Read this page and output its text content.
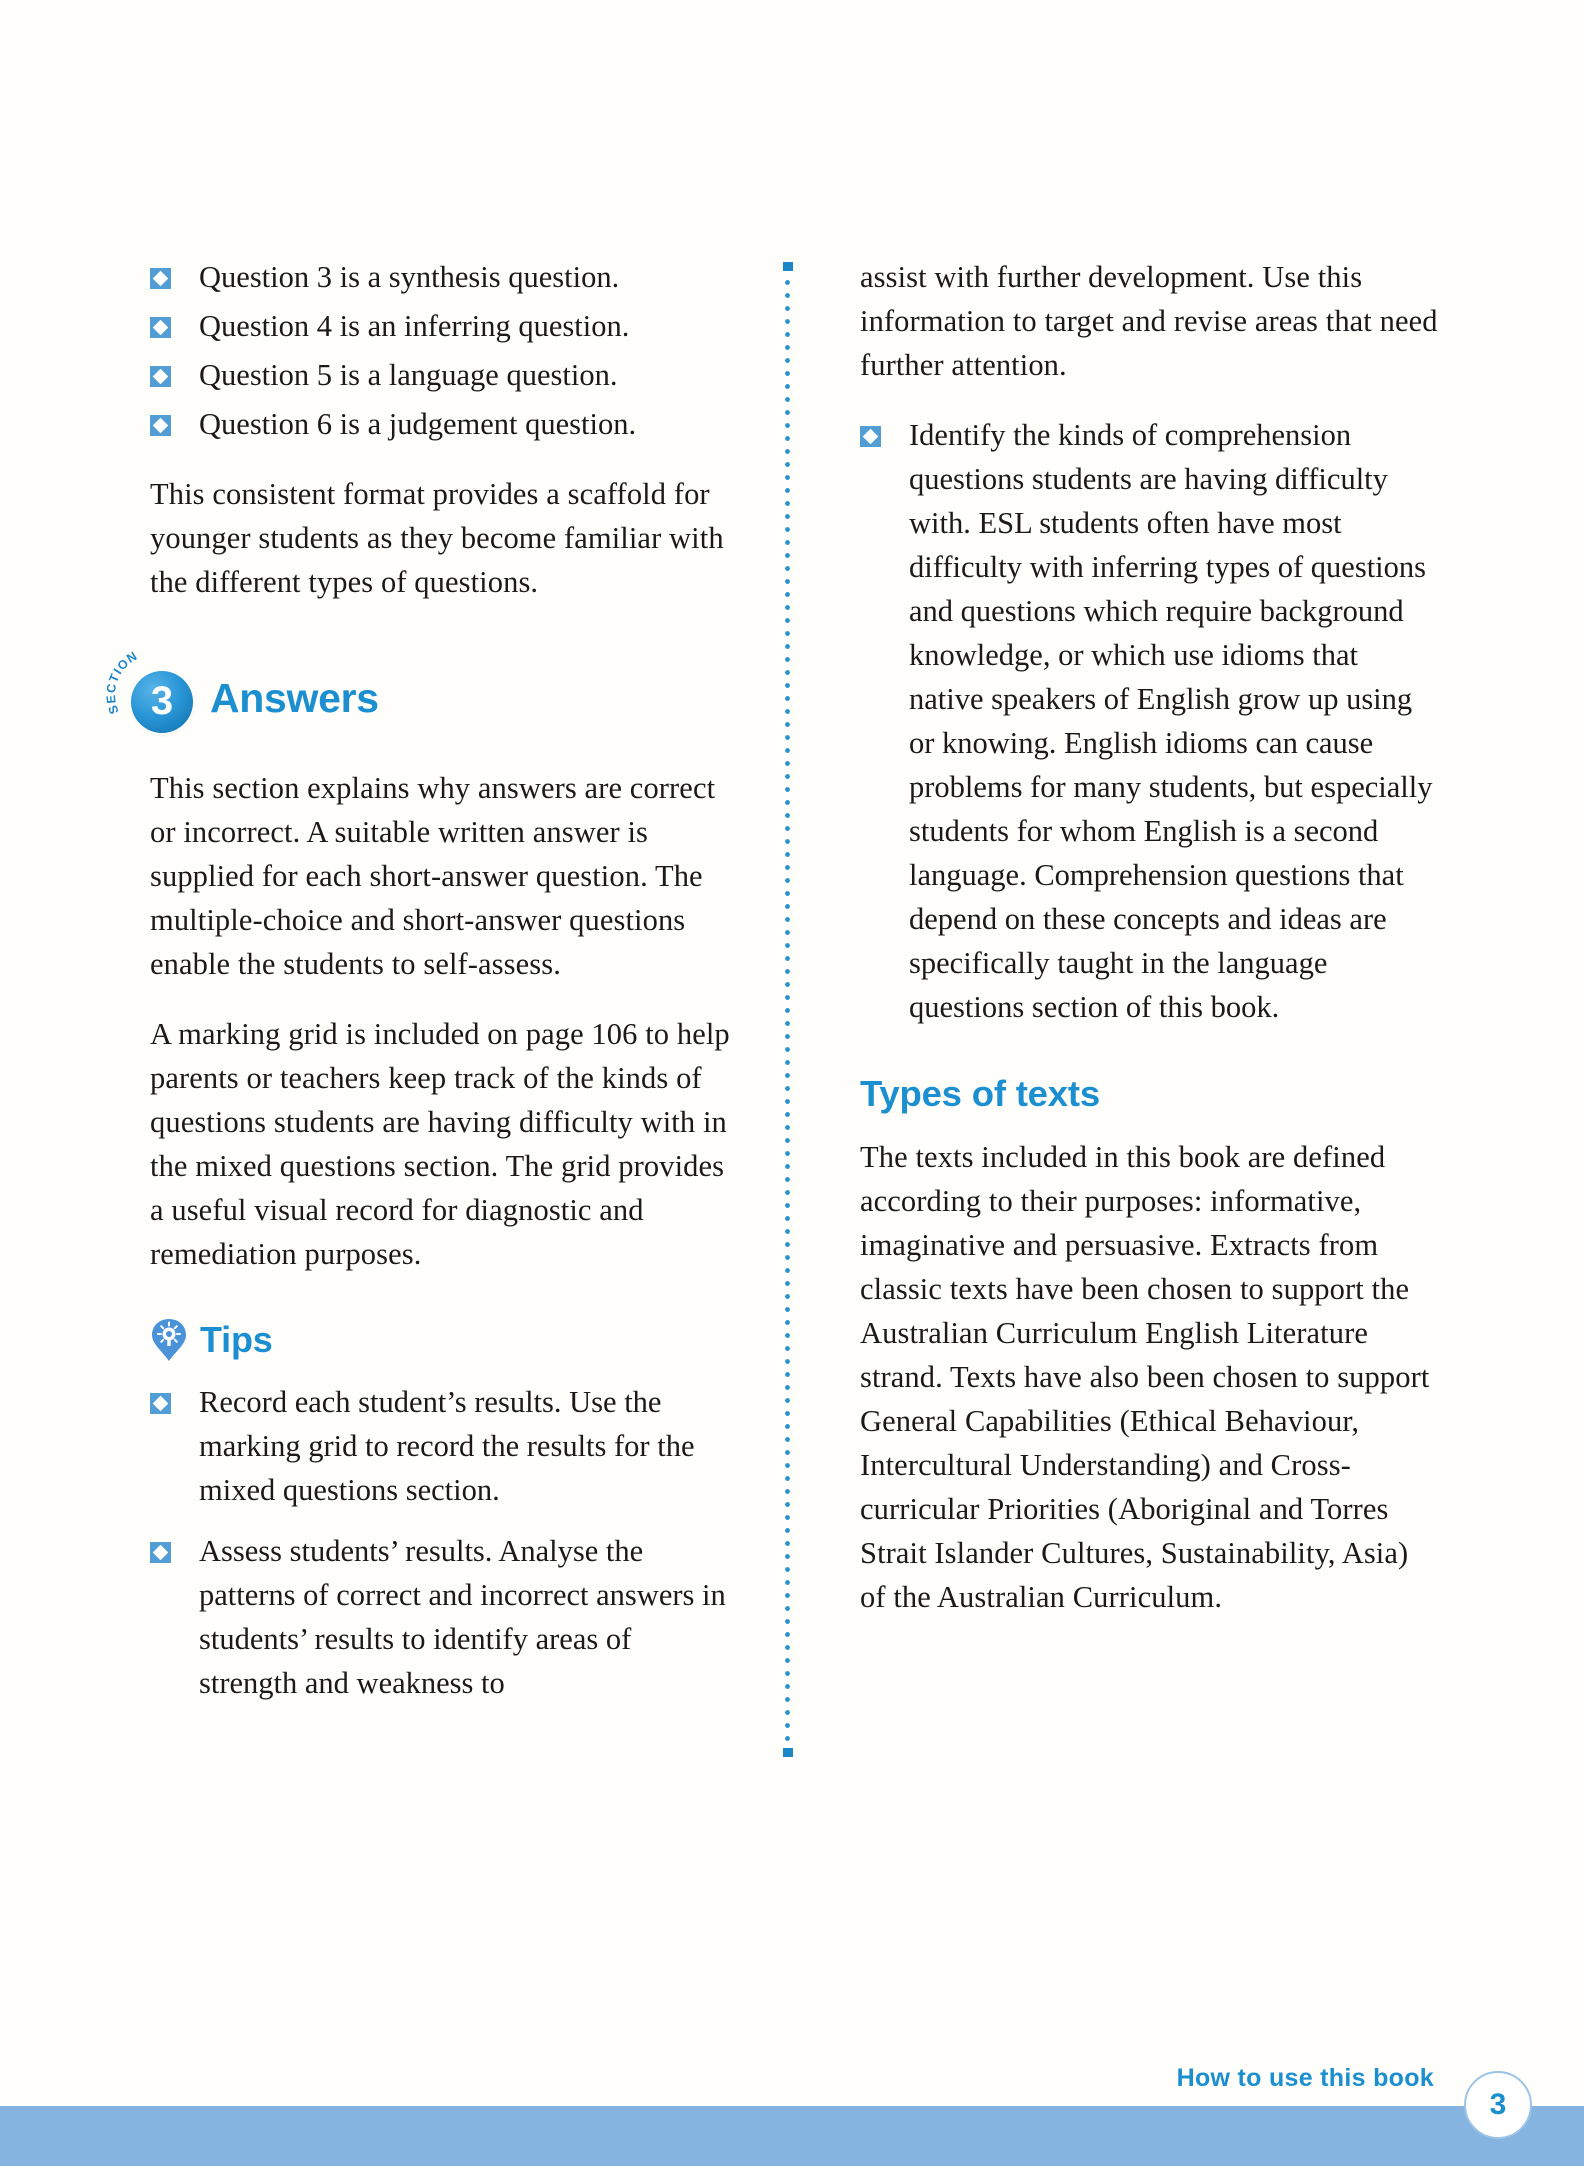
Question 3 is a synthesis question.
Question 4 is an inferring question.
Question 5 is a language question.
Question 6 is a judgement question.

This consistent format provides a scaffold for younger students as they become familiar with the different types of questions.

SECTION
3 Answers

This section explains why answers are correct or incorrect. A suitable written answer is supplied for each short-answer question. The multiple-choice and short-answer questions enable the students to self-assess.

A marking grid is included on page 106 to help parents or teachers keep track of the kinds of questions students are having difficulty with in the mixed questions section. The grid provides a useful visual record for diagnostic and remediation purposes.

Tips
Record each student’s results. Use the marking grid to record the results for the mixed questions section.
Assess students’ results. Analyse the patterns of correct and incorrect answers in students’ results to identify areas of strength and weakness to

assist with further development. Use this information to target and revise areas that need further attention.

Identify the kinds of comprehension questions students are having difficulty with. ESL students often have most difficulty with inferring types of questions and questions which require background knowledge, or which use idioms that native speakers of English grow up using or knowing. English idioms can cause problems for many students, but especially students for whom English is a second language. Comprehension questions that depend on these concepts and ideas are specifically taught in the language questions section of this book.
Types of texts

The texts included in this book are defined according to their purposes: informative, imaginative and persuasive. Extracts from classic texts have been chosen to support the Australian Curriculum English Literature strand. Texts have also been chosen to support General Capabilities (Ethical Behaviour, Intercultural Understanding) and Cross-curricular Priorities (Aboriginal and Torres Strait Islander Cultures, Sustainability, Asia) of the Australian Curriculum.

How to use this book
3
